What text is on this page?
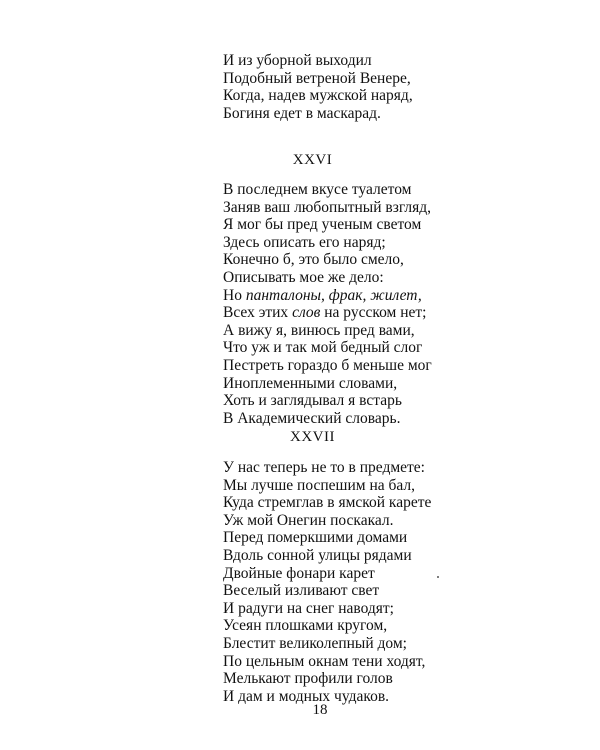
И из уборной выходил
Подобный ветреной Венере,
Когда, надев мужской наряд,
Богиня едет в маскарад.
XXVI
В последнем вкусе туалетом
Заняв ваш любопытный взгляд,
Я мог бы пред ученым светом
Здесь описать его наряд;
Конечно б, это было смело,
Описывать мое же дело:
Но панталоны, фрак, жилет,
Всех этих слов на русском нет;
А вижу я, винюсь пред вами,
Что уж и так мой бедный слог
Пестреть гораздо б меньше мог
Иноплеменными словами,
Хоть и заглядывал я встарь
В Академический словарь.
XXVII
У нас теперь не то в предмете:
Мы лучше поспешим на бал,
Куда стремглав в ямской карете
Уж мой Онегин поскакал.
Перед померкшими домами
Вдоль сонной улицы рядами
Двойные фонари карет
Веселый изливают свет
И радуги на снег наводят;
Усеян плошками кругом,
Блестит великолепный дом;
По цельным окнам тени ходят,
Мелькают профили голов
И дам и модных чудаков.
18
